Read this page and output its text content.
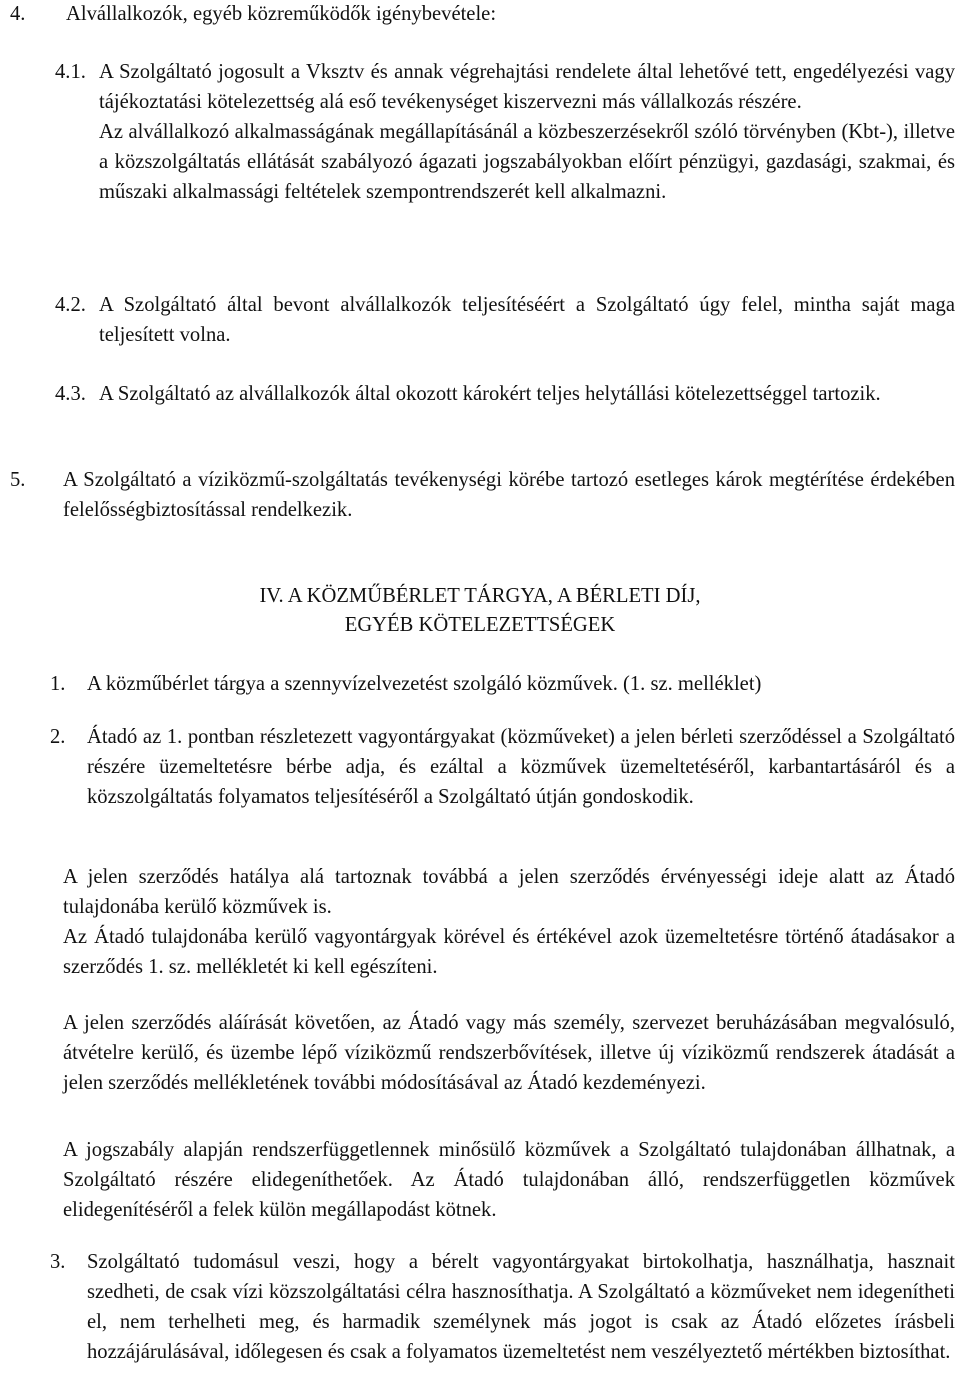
4. Alvállalkozók, egyéb közreműködők igénybevétele:
4.1. A Szolgáltató jogosult a Vksztv és annak végrehajtási rendelete által lehetővé tett, engedélyezési vagy tájékoztatási kötelezettség alá eső tevékenységet kiszervezni más vállalkozás részére.
Az alvállalkozó alkalmasságának megállapításánál a közbeszerzésekről szóló törvényben (Kbt-), illetve a közszolgáltatás ellátását szabályozó ágazati jogszabályokban előírt pénzügyi, gazdasági, szakmai, és műszaki alkalmassági feltételek szempontrendszerét kell alkalmazni.
4.2. A Szolgáltató által bevont alvállalkozók teljesítéséért a Szolgáltató úgy felel, mintha saját maga teljesített volna.
4.3. A Szolgáltató az alvállalkozók által okozott károkért teljes helytállási kötelezettséggel tartozik.
5. A Szolgáltató a víziközmű-szolgáltatás tevékenységi körébe tartozó esetleges károk megtérítése érdekében felelősségbiztosítással rendelkezik.
IV. A KÖZMŰBÉRLET TÁRGYA, A BÉRLETI DÍJ,
EGYÉB KÖTELEZETTSÉGEK
1. A közműbérlet tárgya a szennyvízelvezetést szolgáló közművek. (1. sz. melléklet)
2. Átadó az 1. pontban részletezett vagyontárgyakat (közműveket) a jelen bérleti szerződéssel a Szolgáltató részére üzemeltetésre bérbe adja, és ezáltal a közművek üzemeltetéséről, karbantartásáról és a közszolgáltatás folyamatos teljesítéséről a Szolgáltató útján gondoskodik.
A jelen szerződés hatálya alá tartoznak továbbá a jelen szerződés érvényességi ideje alatt az Átadó tulajdonába kerülő közművek is.
Az Átadó tulajdonába kerülő vagyontárgyak körével és értékével azok üzemeltetésre történő átadásakor a szerződés 1. sz. mellékletét ki kell egészíteni.
A jelen szerződés aláírását követően, az Átadó vagy más személy, szervezet beruházásában megvalósuló, átvételre kerülő, és üzembe lépő víziközmű rendszerbővítések, illetve új víziközmű rendszerek átadását a jelen szerződés mellékletének további módosításával az Átadó kezdeményezi.
A jogszabály alapján rendszerfüggetlennek minősülő közművek a Szolgáltató tulajdonában állhatnak, a Szolgáltató részére elidegeníthetőek. Az Átadó tulajdonában álló, rendszerfüggetlen közművek elidegenítéséről a felek külön megállapodást kötnek.
3. Szolgáltató tudomásul veszi, hogy a bérelt vagyontárgyakat birtokolhatja, használhatja, hasznait szedheti, de csak vízi közszolgáltatási célra hasznosíthatja. A Szolgáltató a közműveket nem idegenítheti el, nem terhelheti meg, és harmadik személynek más jogot is csak az Átadó előzetes írásbeli hozzájárulásával, időlegesen és csak a folyamatos üzemeltetést nem veszélyeztető mértékben biztosíthat.
